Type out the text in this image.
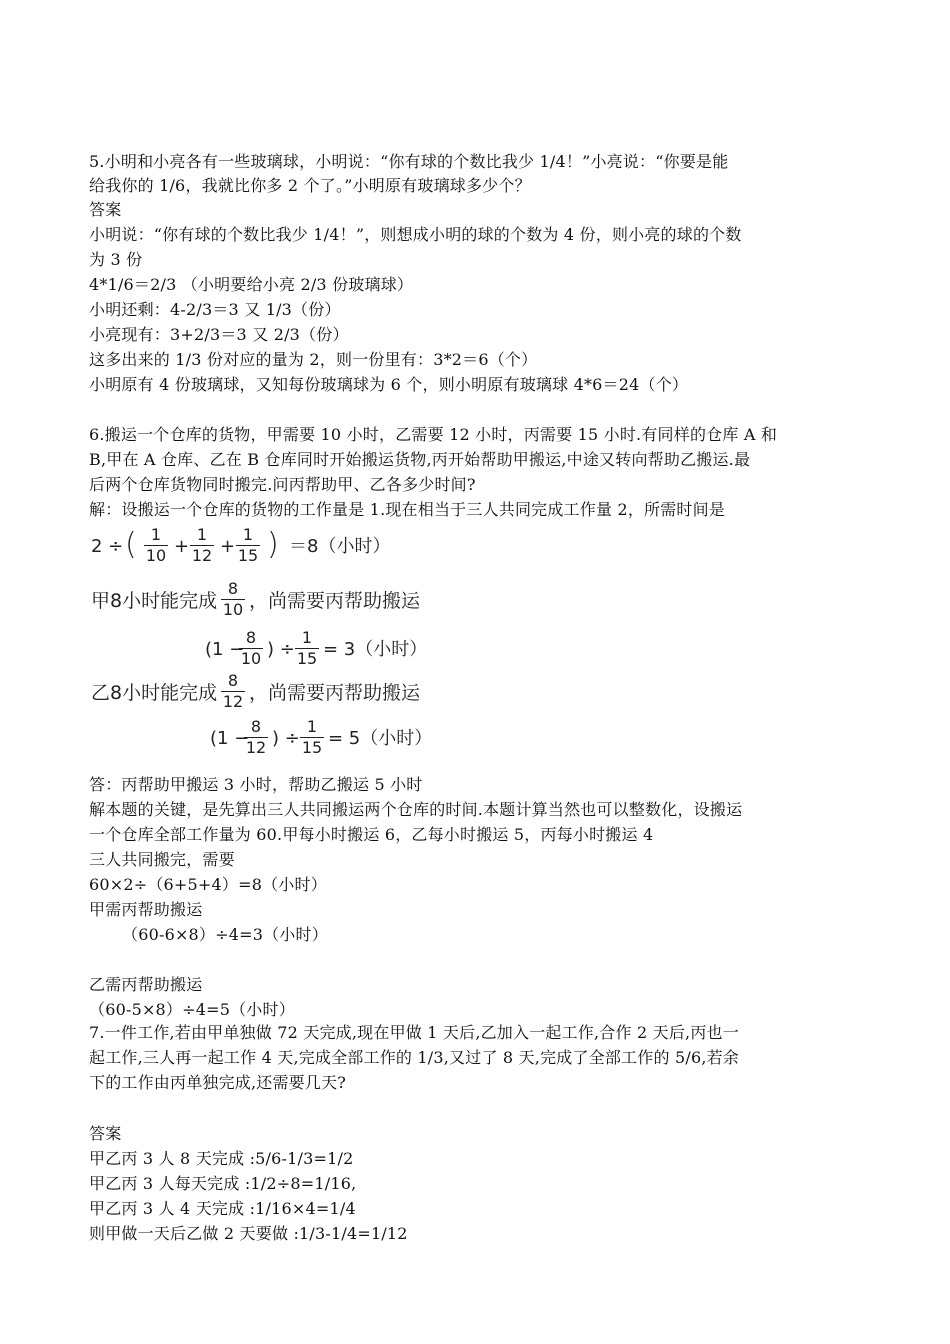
5.小明和小亮各有一些玻璃球，小明说：“你有球的个数比我少 1/4！”小亮说：“你要是能
给我你的 1/6，我就比你多 2 个了。”小明原有玻璃球多少个？
答案
小明说：“你有球的个数比我少 1/4！”，则想成小明的球的个数为 4 份，则小亮的球的个数
为 3 份
4*1/6＝2/3 （小明要给小亮 2/3 份玻璃球）
小明还剩：4-2/3＝3 又 1/3（份）
小亮现有：3+2/3＝3 又 2/3（份）
这多出来的 1/3 份对应的量为 2，则一份里有：3*2＝6（个）
小明原有 4 份玻璃球，又知每份玻璃球为 6 个，则小明原有玻璃球 4*6＝24（个）
6.搬运一个仓库的货物，甲需要 10 小时，乙需要 12 小时，丙需要 15 小时.有同样的仓库 A 和
B,甲在 A 仓库、乙在 B 仓库同时开始搬运货物,丙开始帮助甲搬运,中途又转向帮助乙搬运.最
后两个仓库货物同时搬完.问丙帮助甲、乙各多少时间?
解：设搬运一个仓库的货物的工作量是 1.现在相当于三人共同完成工作量 2，所需时间是
2 ÷ ( 1
10 +
1
12 +
1
15 ) ＝8（小时）
甲8小时能完成
8
10 ，尚需要丙帮助搬运
(1 −
8
10 ) ÷
1
15 = 3（小时）
乙8小时能完成
8
12 ，尚需要丙帮助搬运
(1 −
8
12 ) ÷
1
15 = 5（小时）
答：丙帮助甲搬运 3 小时，帮助乙搬运 5 小时
解本题的关键，是先算出三人共同搬运两个仓库的时间.本题计算当然也可以整数化，设搬运
一个仓库全部工作量为 60.甲每小时搬运 6，乙每小时搬运 5，丙每小时搬运 4
三人共同搬完，需要
60×2÷（6+5+4）=8（小时）
甲需丙帮助搬运
（60-6×8）÷4=3（小时）
乙需丙帮助搬运
（60-5×8）÷4=5（小时）
7.一件工作,若由甲单独做 72 天完成,现在甲做 1 天后,乙加入一起工作,合作 2 天后,丙也一
起工作,三人再一起工作 4 天,完成全部工作的 1/3,又过了 8 天,完成了全部工作的 5/6,若余
下的工作由丙单独完成,还需要几天?
答案
甲乙丙 3 人 8 天完成 :5/6-1/3=1/2
甲乙丙 3 人每天完成 :1/2÷8=1/16,
甲乙丙 3 人 4 天完成 :1/16×4=1/4
则甲做一天后乙做 2 天要做 :1/3-1/4=1/12
